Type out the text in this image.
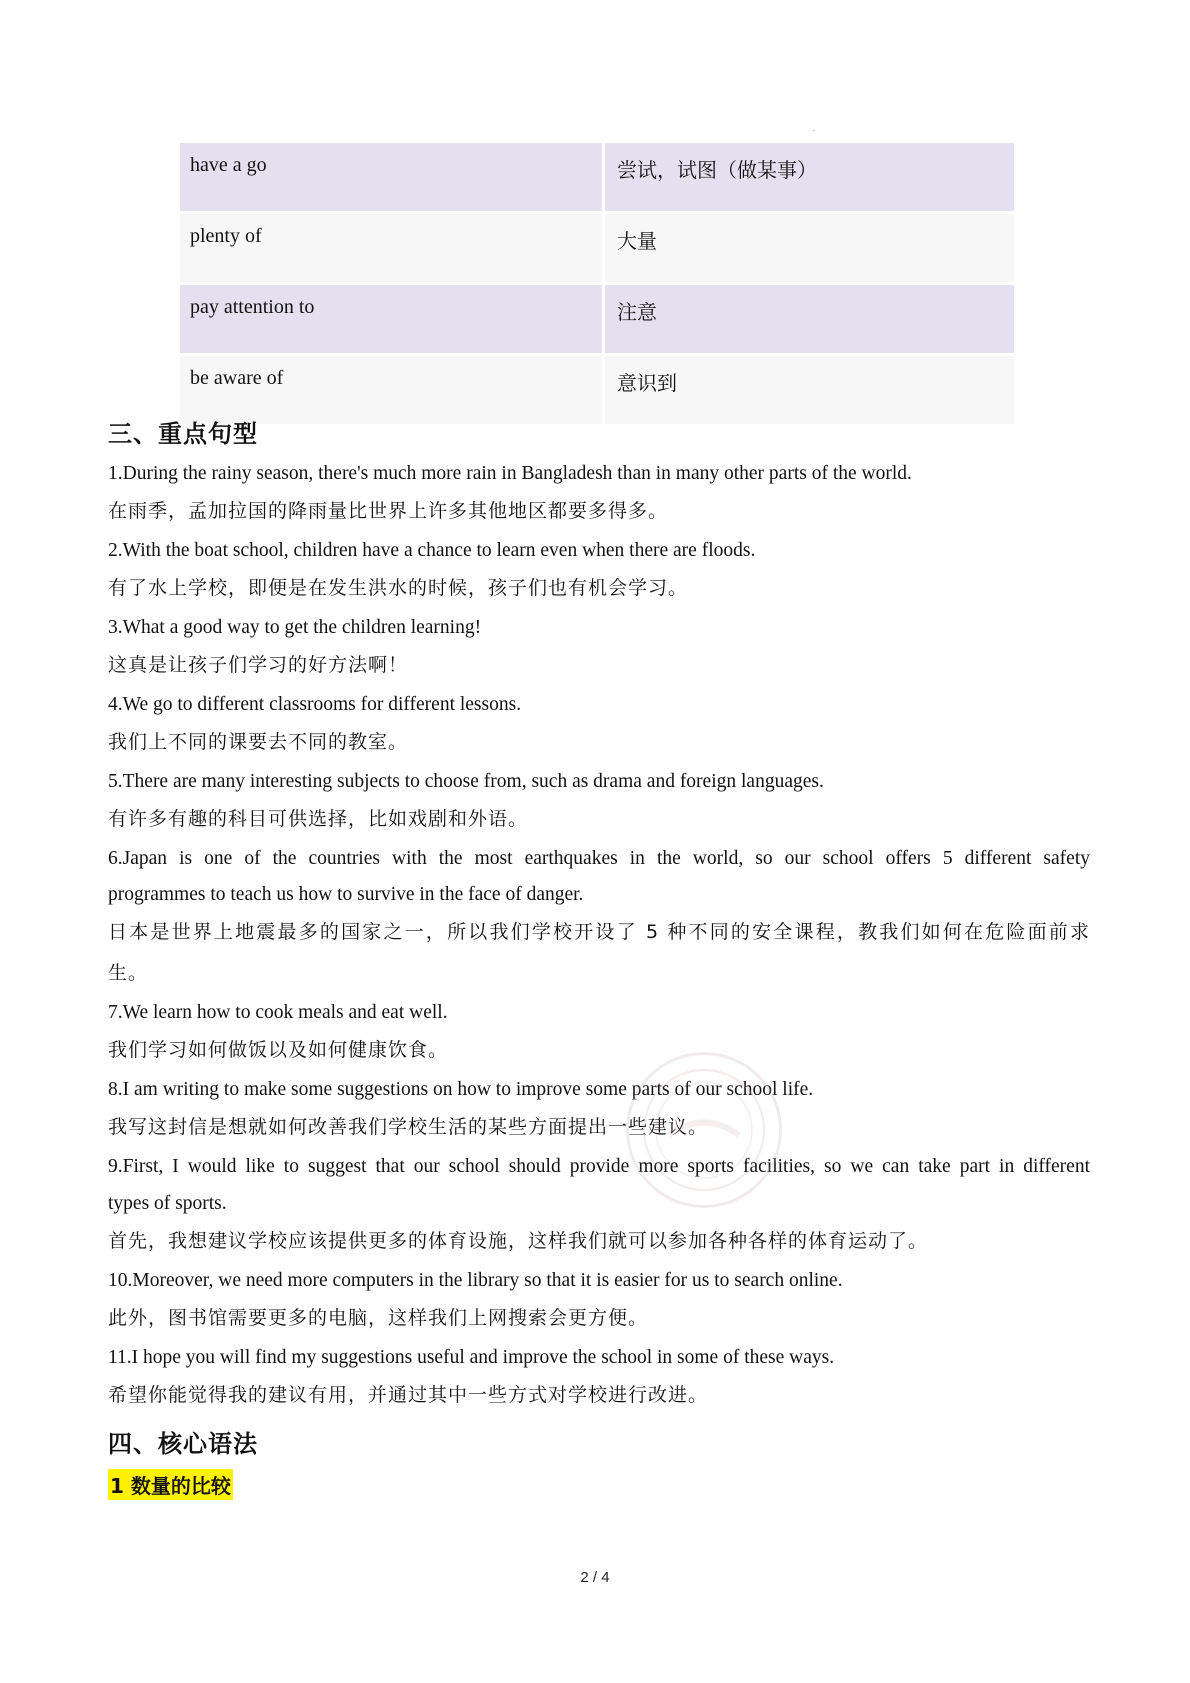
.
have a go	尝试，试图（做某事）
plenty of	大量
pay attention to	注意
be aware of	意识到
三、重点句型
1.During the rainy season, there's much more rain in Bangladesh than in many other parts of the world.
在雨季，孟加拉国的降雨量比世界上许多其他地区都要多得多。
2.With the boat school, children have a chance to learn even when there are floods.
有了水上学校，即便是在发生洪水的时候，孩子们也有机会学习。
3.What a good way to get the children learning!
这真是让孩子们学习的好方法啊！
4.We go to different classrooms for different lessons.
我们上不同的课要去不同的教室。
5.There are many interesting subjects to choose from, such as drama and foreign languages.
有许多有趣的科目可供选择，比如戏剧和外语。
6.Japan is one of the countries with the most earthquakes in the world, so our school offers 5 different safety
programmes to teach us how to survive in the face of danger.
日本是世界上地震最多的国家之一，所以我们学校开设了 5 种不同的安全课程，教我们如何在危险面前求
生。
7.We learn how to cook meals and eat well.
我们学习如何做饭以及如何健康饮食。
8.I am writing to make some suggestions on how to improve some parts of our school life.
我写这封信是想就如何改善我们学校生活的某些方面提出一些建议。
9.First, I would like to suggest that our school should provide more sports facilities, so we can take part in different
types of sports.
首先，我想建议学校应该提供更多的体育设施，这样我们就可以参加各种各样的体育运动了。
10.Moreover, we need more computers in the library so that it is easier for us to search online.
此外，图书馆需要更多的电脑，这样我们上网搜索会更方便。
11.I hope you will find my suggestions useful and improve the school in some of these ways.
希望你能觉得我的建议有用，并通过其中一些方式对学校进行改进。
四、核心语法
1 数量的比较
2 / 4
